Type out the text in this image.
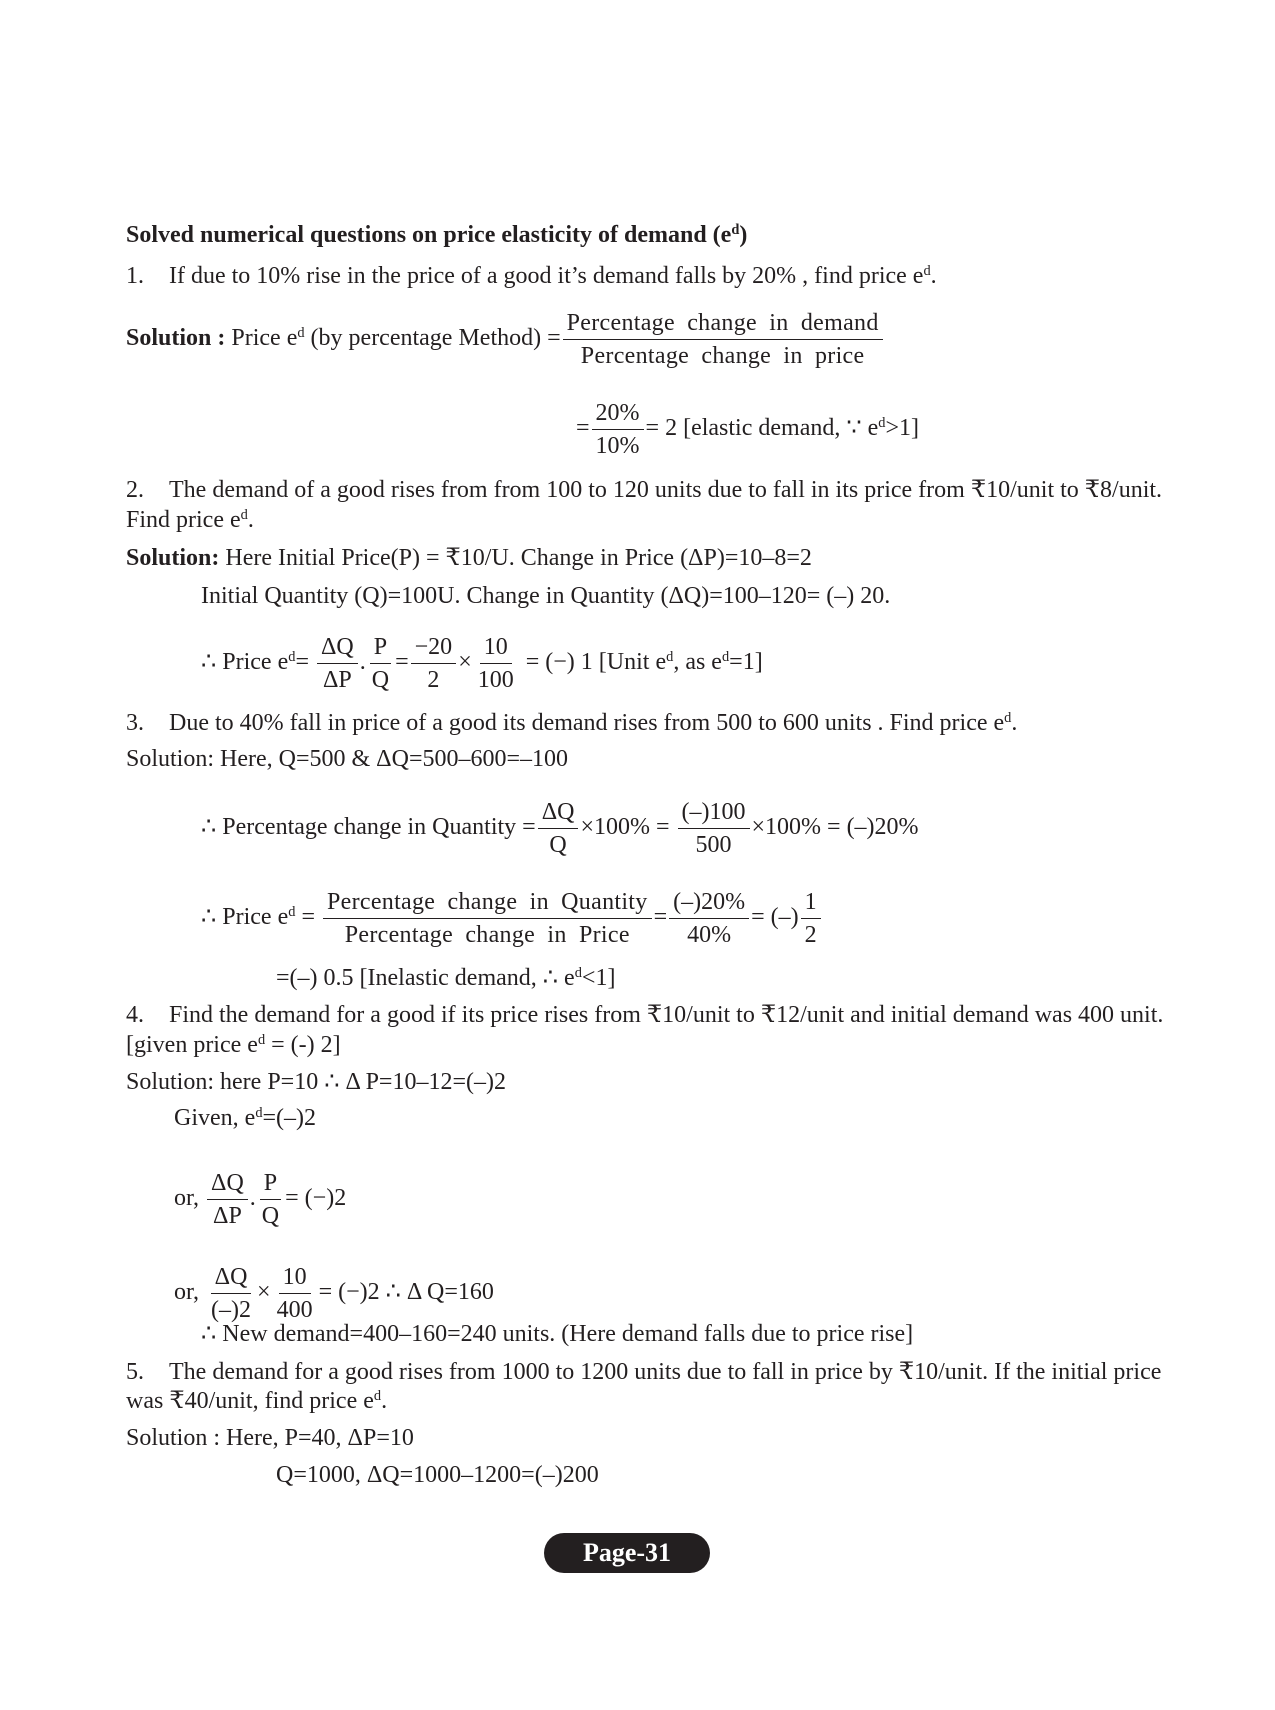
Solved numerical questions on price elasticity of demand $(e^d)$
1. If due to 10% rise in the price of a good it’s demand falls by 20% , find price $e^d$.
Solution : Price $e^d$ (by percentage Method) =
Percentage change in demand
Percentage change in price
= $\frac{20\%}{10\%} = 2$ [elastic demand, ∵ $e^d>1$]
2. The demand of a good rises from from 100 to 120 units due to fall in its price from ₹10/unit to ₹8/unit.
Find price $e^d$.
Solution: Here Initial Price(P) = ₹10/U. Change in Price (ΔP)=10–8=2
Initial Quantity (Q)=100U. Change in Quantity (ΔQ)=100–120= (–) 20.
∴ Price $e^d= \frac{\Delta Q}{\Delta P}$ . $\frac{P}{Q} = \frac{-20}{2} \times \frac{10}{100}$ = (−) 1 [Unit $e^d$, as $e^d=1$]
3. Due to 40% fall in price of a good its demand rises from 500 to 600 units . Find price $e^d$.
Solution: Here, Q=500 & ΔQ=500–600=–100
∴ Percentage change in Quantity = $\frac{\Delta Q}{Q} \times 100\% = \frac{(-)100}{500} \times 100\% = (-)20\%$
∴ Price $e^d$ =
Percentage change in Quantity
Percentage change in Price
= $\frac{(-)20\%}{40\%}$ = (–) $\frac{1}{2}$
=(–) 0.5 [Inelastic demand, ∴ $e^d<1$]
4. Find the demand for a good if its price rises from ₹10/unit to ₹12/unit and initial demand was 400 unit.
[given price $e^d$ = (-) 2]
Solution: here P=10 ∴ Δ P=10–12=(–)2
Given, $e^d=(-)2$
or, $\frac{\Delta Q}{\Delta P}$ . $\frac{P}{Q} = (-)2$
or, $\frac{\Delta Q}{(-)2} \times \frac{10}{400} = (-)2$ ∴ Δ Q=160
∴ New demand=400–160=240 units. (Here demand falls due to price rise]
5. The demand for a good rises from 1000 to 1200 units due to fall in price by ₹10/unit. If the initial price
was ₹40/unit, find price $e^d$.
Solution : Here, P=40, ΔP=10
Q=1000, ΔQ=1000–1200=(–)200
Page-31
